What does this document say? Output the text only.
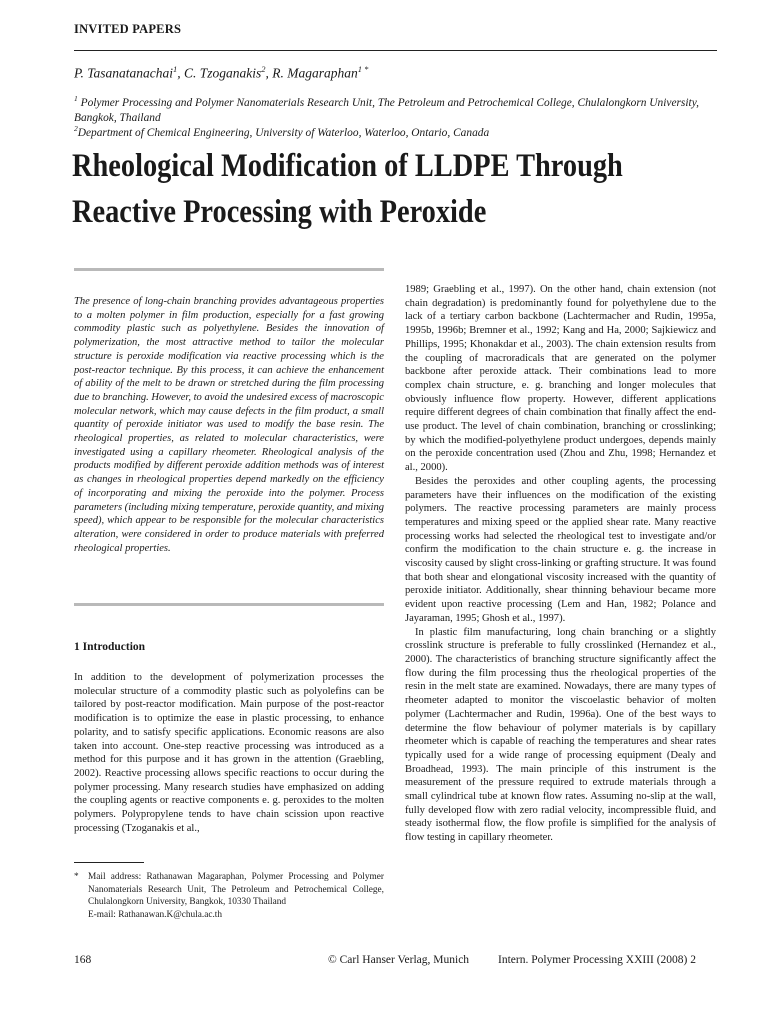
INVITED PAPERS
P. Tasanatanachai$^1$, C. Tzoganakis$^2$, R. Magaraphan$^{1 *}$
$^1$ Polymer Processing and Polymer Nanomaterials Research Unit, The Petroleum and Petrochemical College, Chulalongkorn University, Bangkok, Thailand
$^2$Department of Chemical Engineering, University of Waterloo, Waterloo, Ontario, Canada
Rheological Modification of LLDPE Through
Reactive Processing with Peroxide
The presence of long-chain branching provides advantageous properties to a molten polymer in film production, especially for a fast growing commodity plastic such as polyethylene. Besides the innovation of polymerization, the most attractive method to tailor the molecular structure is peroxide modification via reactive processing which is the post-reactor technique. By this process, it can achieve the enhancement of ability of the melt to be drawn or stretched during the film processing due to branching. However, to avoid the undesired excess of macroscopic molecular network, which may cause defects in the film product, a small quantity of peroxide initiator was used to modify the base resin. The rheological properties, as related to molecular characteristics, were investigated using a capillary rheometer. Rheological analysis of the products modified by different peroxide addition methods was of interest as changes in rheological properties depend markedly on the efficiency of incorporating and mixing the peroxide into the polymer. Process parameters (including mixing temperature, peroxide quantity, and mixing speed), which appear to be responsible for the molecular characteristics alteration, were considered in order to produce materials with preferred rheological properties.
1 Introduction
In addition to the development of polymerization processes the molecular structure of a commodity plastic such as polyolefins can be tailored by post-reactor modification. Main purpose of the post-reactor modification is to optimize the ease in plastic processing, to enhance polarity, and to satisfy specific applications. Economic reasons are also taken into account. One-step reactive processing was introduced as a method for this purpose and it has grown in the attention (Graebling, 2002). Reactive processing allows specific reactions to occur during the polymer processing. Many research studies have emphasized on adding the coupling agents or reactive components e. g. peroxides to the molten polymers. Polypropylene tends to have chain scission upon reactive processing (Tzoganakis et al.,
*	Mail address: Rathanawan Magaraphan, Polymer Processing and Polymer Nanomaterials Research Unit, The Petroleum and Petrochemical College, Chulalongkorn University, Bangkok, 10330 Thailand
E-mail: Rathanawan.K@chula.ac.th

1989; Graebling et al., 1997). On the other hand, chain extension (not chain degradation) is predominantly found for polyethylene due to the lack of a tertiary carbon backbone (Lachtermacher and Rudin, 1995a, 1995b, 1996b; Bremner et al., 1992; Kang and Ha, 2000; Sajkiewicz and Phillips, 1995; Khonakdar et al., 2003). The chain extension results from the coupling of macroradicals that are generated on the polymer backbone after peroxide attack. Their combinations lead to more complex chain structure, e. g. branching and longer molecules that obviously influence flow property. However, different applications require different degrees of chain combination that finally affect the end-use product. The level of chain combination, branching or crosslinking; by which the modified-polyethylene product undergoes, depends mainly on the peroxide concentration used (Zhou and Zhu, 1998; Hernandez et al., 2000).

Besides the peroxides and other coupling agents, the processing parameters have their influences on the modification of the existing polymers. The reactive processing parameters are mainly process temperatures and mixing speed or the applied shear rate. Many reactive processing works had selected the rheological test to investigate and/or confirm the modification to the chain structure e. g. the increase in viscosity caused by slight cross-linking or grafting structure. It was found that both shear and elongational viscosity increased with the quantity of peroxide initiator. Additionally, shear thinning behaviour became more evident upon reactive processing (Lem and Han, 1982; Polance and Jayaraman, 1995; Ghosh et al., 1997).

In plastic film manufacturing, long chain branching or a slightly crosslink structure is preferable to fully crosslinked (Hernandez et al., 2000). The characteristics of branching structure significantly affect the flow during the film processing thus the rheological properties of the resin in the melt state are examined. Nowadays, there are many types of rheometer adapted to monitor the viscoelastic behavior of molten polymer (Lachtermacher and Rudin, 1996a). One of the best ways to determine the flow behaviour of polymer materials is by capillary rheometer which is capable of reaching the temperatures and shear rates typically used for a wide range of processing equipment (Dealy and Broadhead, 1993). The main principle of this instrument is the measurement of the pressure required to extrude materials through a small cylindrical tube at known flow rates. Assuming no-slip at the wall, fully developed flow with zero radial velocity, incompressible fluid, and steady isothermal flow, the flow profile is simplified for the analysis of flow testing in capillary rheometer.

168	© Carl Hanser Verlag, Munich	Intern. Polymer Processing XXIII (2008) 2
